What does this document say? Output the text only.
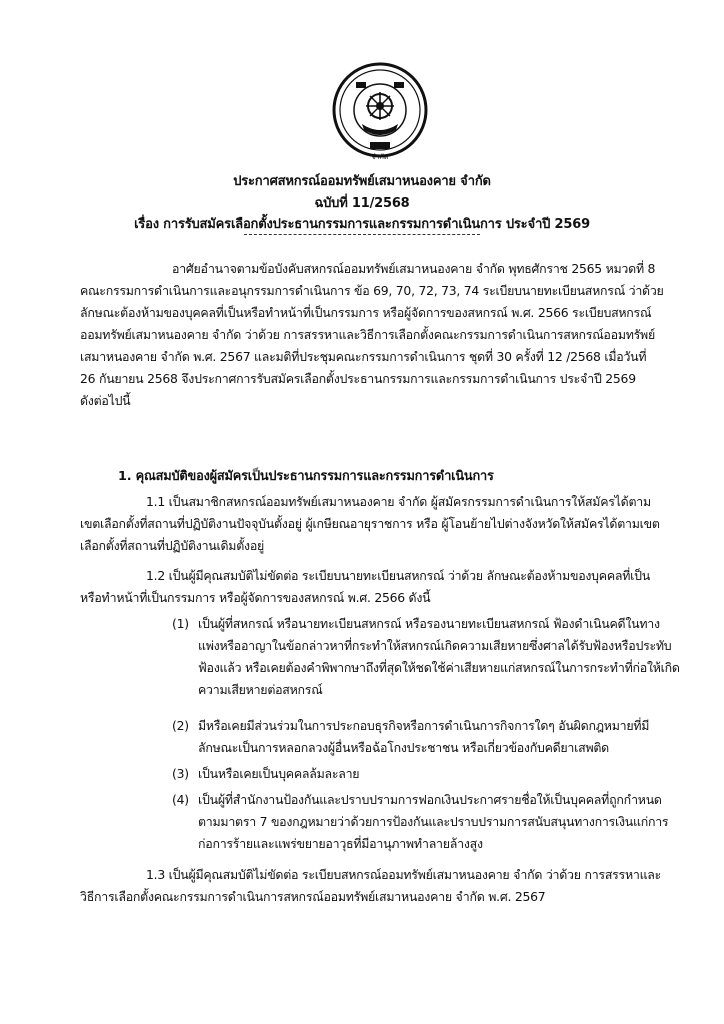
จำกัด
ประกาศสหกรณ์ออมทรัพย์เสมาหนองคาย จำกัด
ฉบับที่ 11/2568
เรื่อง การรับสมัครเลือกตั้งประธานกรรมการและกรรมการดำเนินการ ประจำปี 2569
อาศัยอำนาจตามข้อบังคับสหกรณ์ออมทรัพย์เสมาหนองคาย จำกัด พุทธศักราช 2565 หมวดที่ 8
คณะกรรมการดำเนินการและอนุกรรมการดำเนินการ ข้อ 69, 70, 72, 73, 74 ระเบียบนายทะเบียนสหกรณ์ ว่าด้วย
ลักษณะต้องห้ามของบุคคลที่เป็นหรือทำหน้าที่เป็นกรรมการ หรือผู้จัดการของสหกรณ์ พ.ศ. 2566 ระเบียบสหกรณ์
ออมทรัพย์เสมาหนองคาย จำกัด ว่าด้วย การสรรหาและวิธีการเลือกตั้งคณะกรรมการดำเนินการสหกรณ์ออมทรัพย์
เสมาหนองคาย จำกัด พ.ศ. 2567 และมติที่ประชุมคณะกรรมการดำเนินการ ชุดที่ 30 ครั้งที่ 12 /2568 เมื่อวันที่
26 กันยายน 2568 จึงประกาศการรับสมัครเลือกตั้งประธานกรรมการและกรรมการดำเนินการ ประจำปี 2569
ดังต่อไปนี้
1. คุณสมบัติของผู้สมัครเป็นประธานกรรมการและกรรมการดำเนินการ
1.1 เป็นสมาชิกสหกรณ์ออมทรัพย์เสมาหนองคาย จำกัด ผู้สมัครกรรมการดำเนินการให้สมัครได้ตาม
เขตเลือกตั้งที่สถานที่ปฏิบัติงานปัจจุบันตั้งอยู่ ผู้เกษียณอายุราชการ หรือ ผู้โอนย้ายไปต่างจังหวัดให้สมัครได้ตามเขต
เลือกตั้งที่สถานที่ปฏิบัติงานเดิมตั้งอยู่
1.2 เป็นผู้มีคุณสมบัติไม่ขัดต่อ ระเบียบนายทะเบียนสหกรณ์ ว่าด้วย ลักษณะต้องห้ามของบุคคลที่เป็น
หรือทำหน้าที่เป็นกรรมการ หรือผู้จัดการของสหกรณ์ พ.ศ. 2566 ดังนี้
(1) เป็นผู้ที่สหกรณ์ หรือนายทะเบียนสหกรณ์ หรือรองนายทะเบียนสหกรณ์ ฟ้องดำเนินคดีในทาง
แพ่งหรืออาญาในข้อกล่าวหาที่กระทำให้สหกรณ์เกิดความเสียหายซึ่งศาลได้รับฟ้องหรือประทับ
ฟ้องแล้ว หรือเคยต้องคำพิพากษาถึงที่สุดให้ชดใช้ค่าเสียหายแก่สหกรณ์ในการกระทำที่ก่อให้เกิด
ความเสียหายต่อสหกรณ์
(2) มีหรือเคยมีส่วนร่วมในการประกอบธุรกิจหรือการดำเนินการกิจการใดๆ อันผิดกฎหมายที่มี
ลักษณะเป็นการหลอกลวงผู้อื่นหรือฉ้อโกงประชาชน หรือเกี่ยวข้องกับคดียาเสพติด
(3) เป็นหรือเคยเป็นบุคคลล้มละลาย
(4) เป็นผู้ที่สำนักงานป้องกันและปราบปรามการฟอกเงินประกาศรายชื่อให้เป็นบุคคลที่ถูกกำหนด
ตามมาตรา 7 ของกฎหมายว่าด้วยการป้องกันและปราบปรามการสนับสนุนทางการเงินแก่การ
ก่อการร้ายและแพร่ขยายอาวุธที่มีอานุภาพทำลายล้างสูง
1.3 เป็นผู้มีคุณสมบัติไม่ขัดต่อ ระเบียบสหกรณ์ออมทรัพย์เสมาหนองคาย จำกัด ว่าด้วย การสรรหาและ
วิธีการเลือกตั้งคณะกรรมการดำเนินการสหกรณ์ออมทรัพย์เสมาหนองคาย จำกัด พ.ศ. 2567
